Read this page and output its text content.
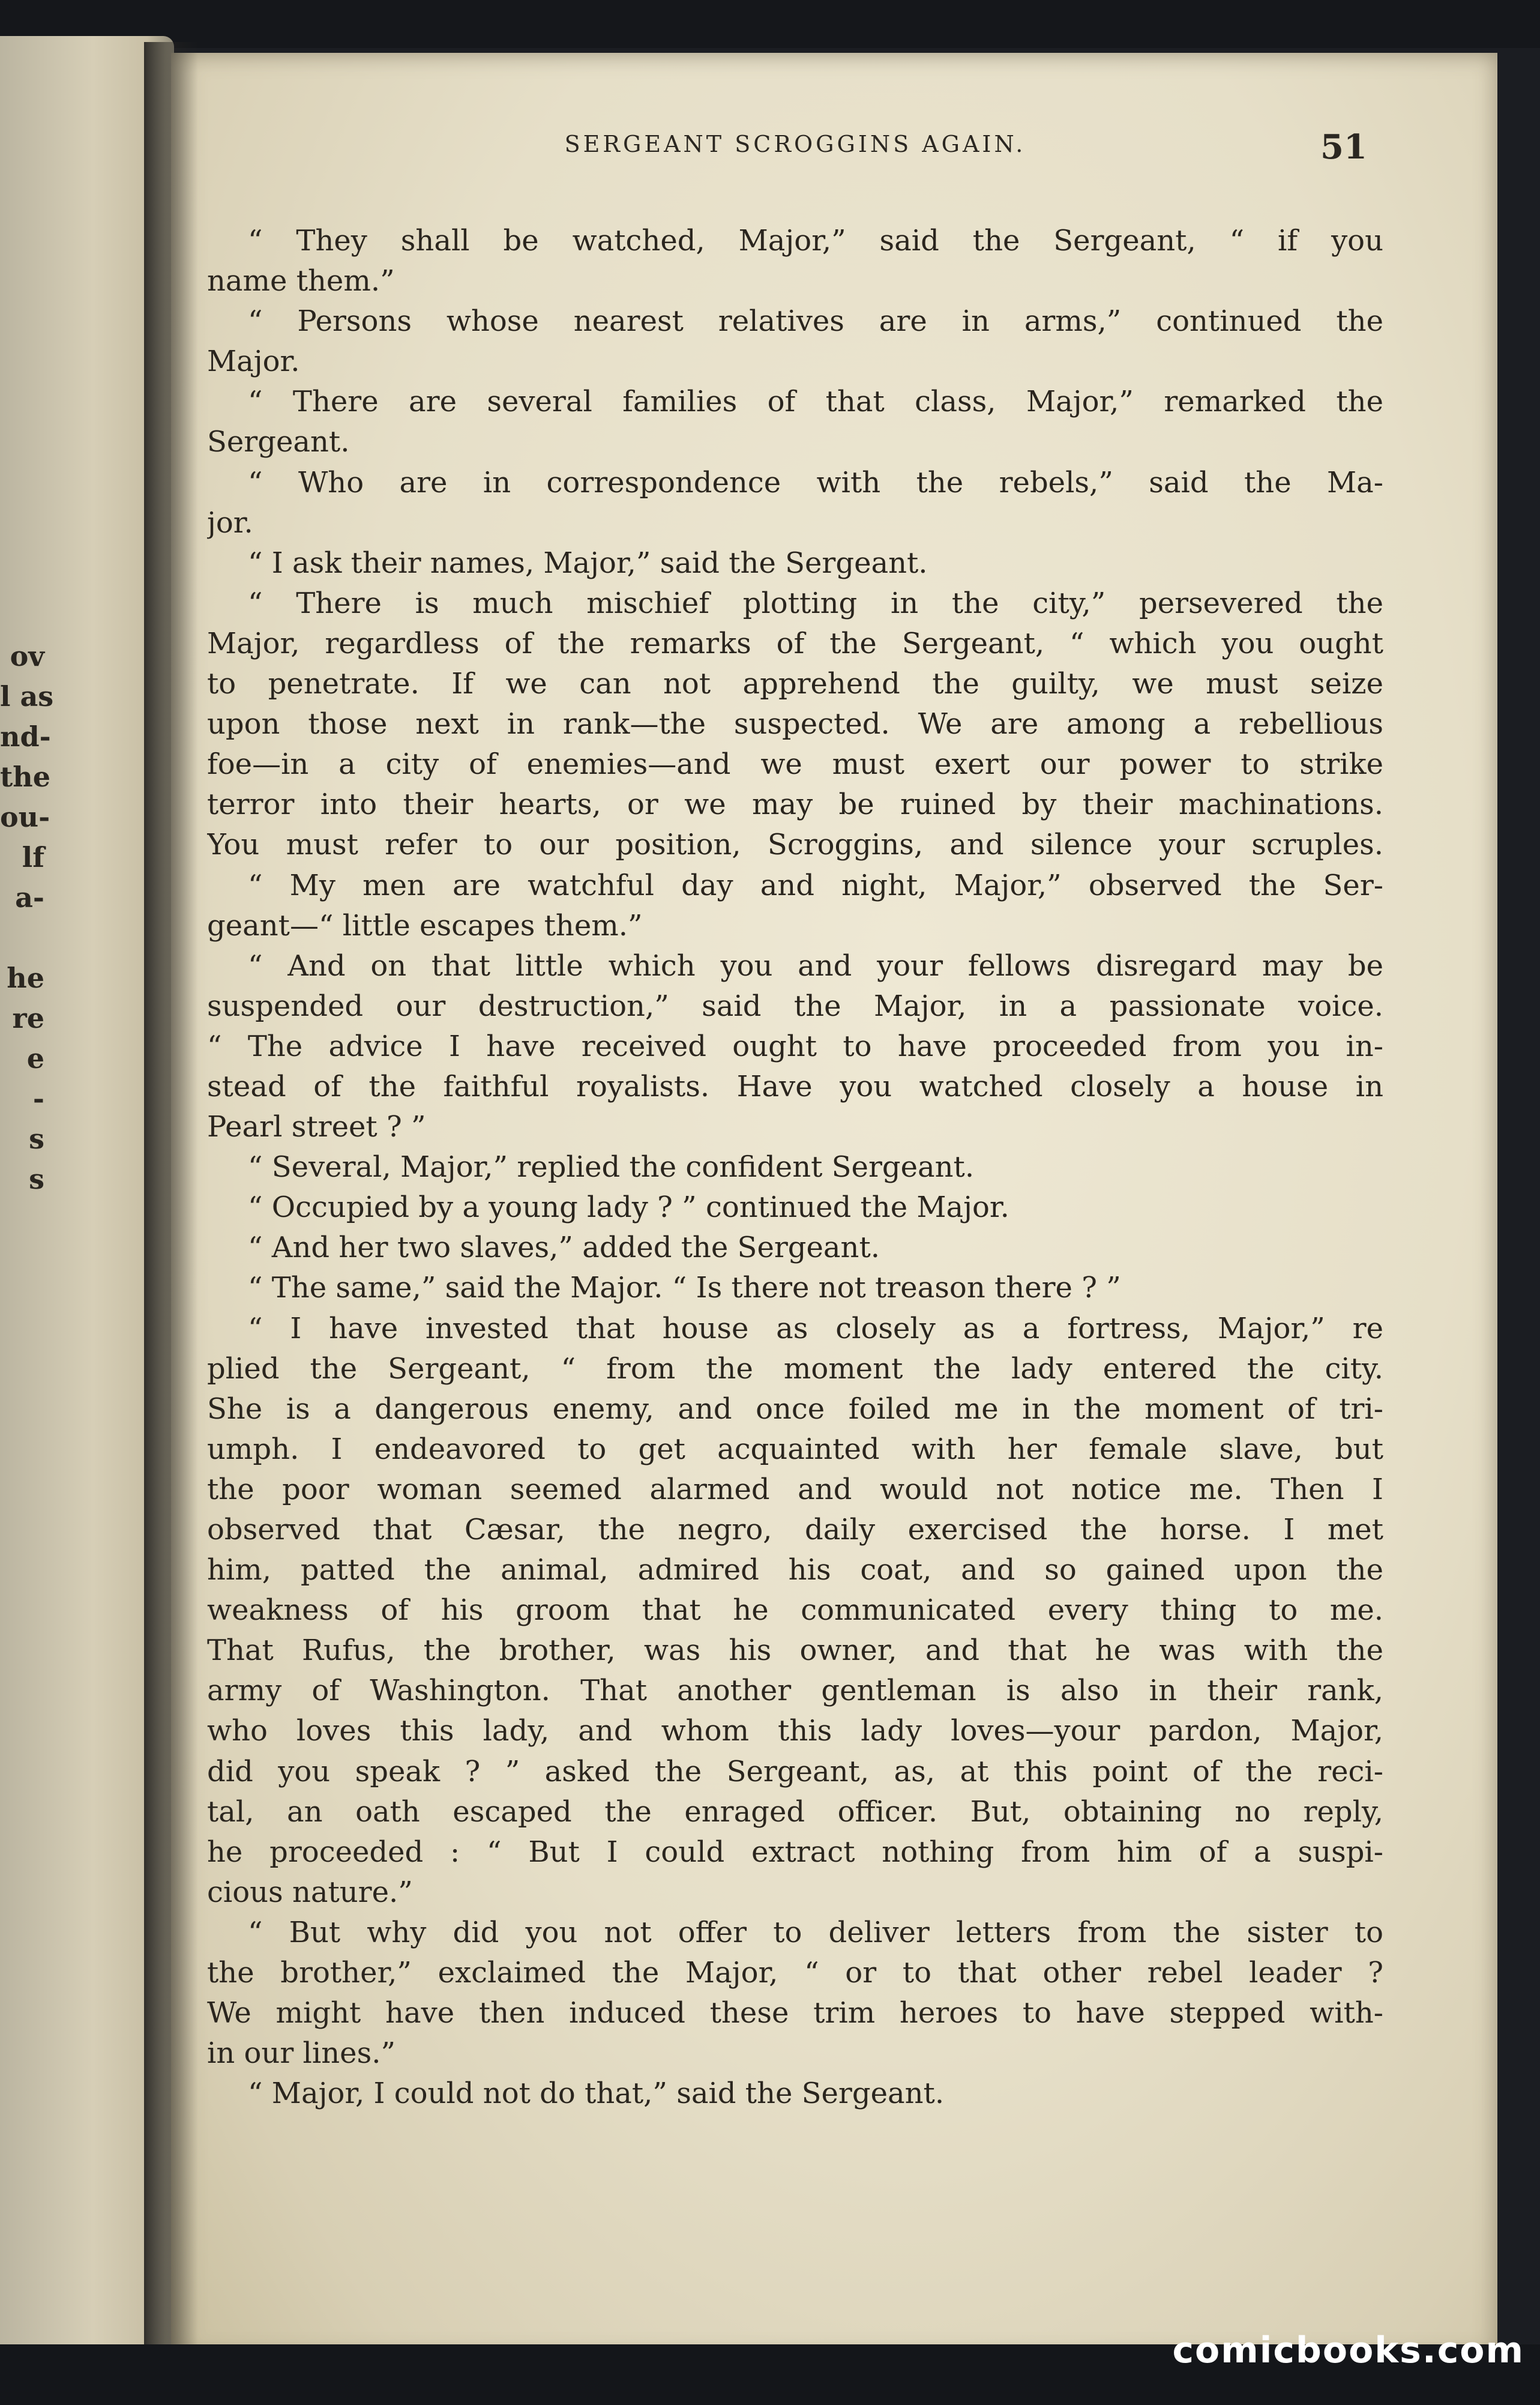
ov
l as
nd-
the
ou-
lf
a-
he
re
e
-
s
s
SERGEANT SCROGGINS AGAIN.	51
“ They shall be watched, Major,” said the Sergeant, “ if you
name them.”
“ Persons whose nearest relatives are in arms,” continued the
Major.
“ There are several families of that class, Major,” remarked the
Sergeant.
“ Who are in correspondence with the rebels,” said the Ma-
jor.
“ I ask their names, Major,” said the Sergeant.
“ There is much mischief plotting in the city,” persevered the
Major, regardless of the remarks of the Sergeant, “ which you ought
to penetrate. If we can not apprehend the guilty, we must seize
upon those next in rank—the suspected. We are among a rebellious
foe—in a city of enemies—and we must exert our power to strike
terror into their hearts, or we may be ruined by their machinations.
You must refer to our position, Scroggins, and silence your scruples.
“ My men are watchful day and night, Major,” observed the Ser-
geant—“ little escapes them.”
“ And on that little which you and your fellows disregard may be
suspended our destruction,” said the Major, in a passionate voice.
“ The advice I have received ought to have proceeded from you in-
stead of the faithful royalists. Have you watched closely a house in
Pearl street ? ”
“ Several, Major,” replied the confident Sergeant.
“ Occupied by a young lady ? ” continued the Major.
“ And her two slaves,” added the Sergeant.
“ The same,” said the Major. “ Is there not treason there ? ”
“ I have invested that house as closely as a fortress, Major,” re
plied the Sergeant, “ from the moment the lady entered the city.
She is a dangerous enemy, and once foiled me in the moment of tri-
umph. I endeavored to get acquainted with her female slave, but
the poor woman seemed alarmed and would not notice me. Then I
observed that Cæsar, the negro, daily exercised the horse. I met
him, patted the animal, admired his coat, and so gained upon the
weakness of his groom that he communicated every thing to me.
That Rufus, the brother, was his owner, and that he was with the
army of Washington. That another gentleman is also in their rank,
who loves this lady, and whom this lady loves—your pardon, Major,
did you speak ? ” asked the Sergeant, as, at this point of the reci-
tal, an oath escaped the enraged officer. But, obtaining no reply,
he proceeded : “ But I could extract nothing from him of a suspi-
cious nature.”
“ But why did you not offer to deliver letters from the sister to
the brother,” exclaimed the Major, “ or to that other rebel leader ?
We might have then induced these trim heroes to have stepped with-
in our lines.”
“ Major, I could not do that,” said the Sergeant.
comicbooks.com
